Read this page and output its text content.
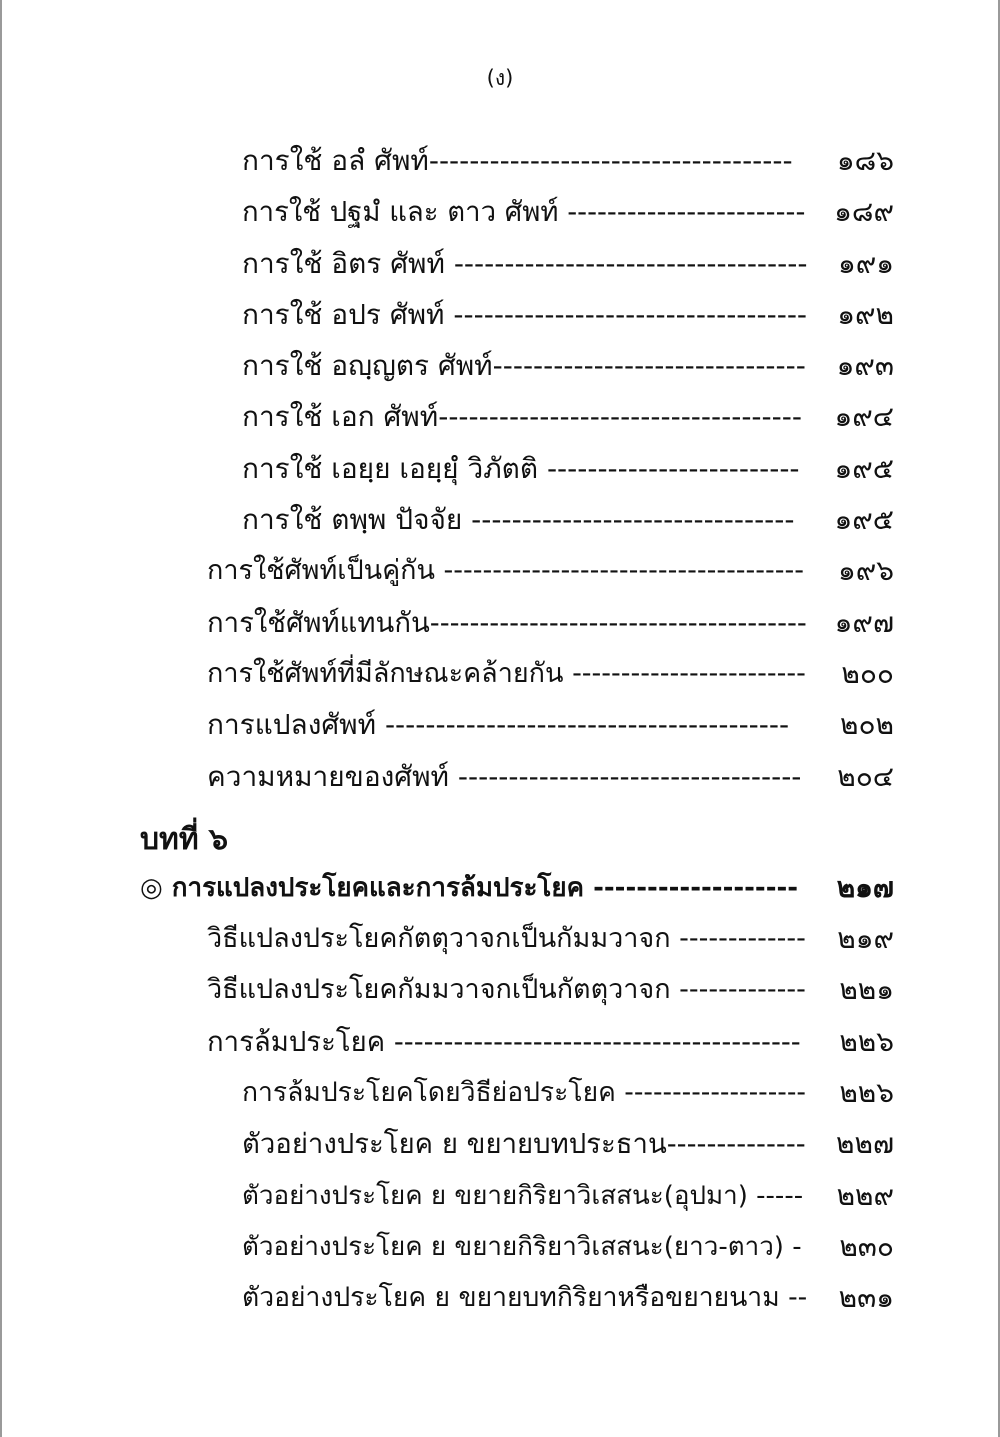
(ง)
การใช้ อลํ ศัพท์------------------------------------ ๑๘๖
การใช้ ปฐมํ และ ตาว ศัพท์ ------------------------ ๑๘๙
การใช้ อิตร ศัพท์ ----------------------------------- ๑๙๑
การใช้ อปร ศัพท์ ----------------------------------- ๑๙๒
การใช้ อญฺญตร ศัพท์------------------------------- ๑๙๓
การใช้ เอก ศัพท์------------------------------------ ๑๙๔
การใช้ เอยฺย เอยฺยุํ วิภัตติ ------------------------- ๑๙๕
การใช้ ตพฺพ ปัจจัย -------------------------------- ๑๙๕
การใช้ศัพท์เป็นคู่กัน ------------------------------------- ๑๙๖
การใช้ศัพท์แทนกัน-------------------------------------- ๑๙๗
การใช้ศัพท์ที่มีลักษณะคล้ายกัน ------------------------ ๒๐๐
การแปลงศัพท์ ---------------------------------------- ๒๐๒
ความหมายของศัพท์ ---------------------------------- ๒๐๔
บทที่ ๖
◎ การแปลงประโยคและการล้มประโยค ------------------- ๒๑๗
วิธีแปลงประโยคกัตตุวาจกเป็นกัมมวาจก ------------- ๒๑๙
วิธีแปลงประโยคกัมมวาจกเป็นกัตตุวาจก ------------- ๒๒๑
การล้มประโยค ----------------------------------------- ๒๒๖
การล้มประโยคโดยวิธีย่อประโยค ------------------- ๒๒๖
ตัวอย่างประโยค ย ขยายบทประธาน-------------- ๒๒๗
ตัวอย่างประโยค ย ขยายกิริยาวิเสสนะ(อุปมา) ----- ๒๒๙
ตัวอย่างประโยค ย ขยายกิริยาวิเสสนะ(ยาว-ตาว) - ๒๓๐
ตัวอย่างประโยค ย ขยายบทกิริยาหรือขยายนาม -- ๒๓๑
